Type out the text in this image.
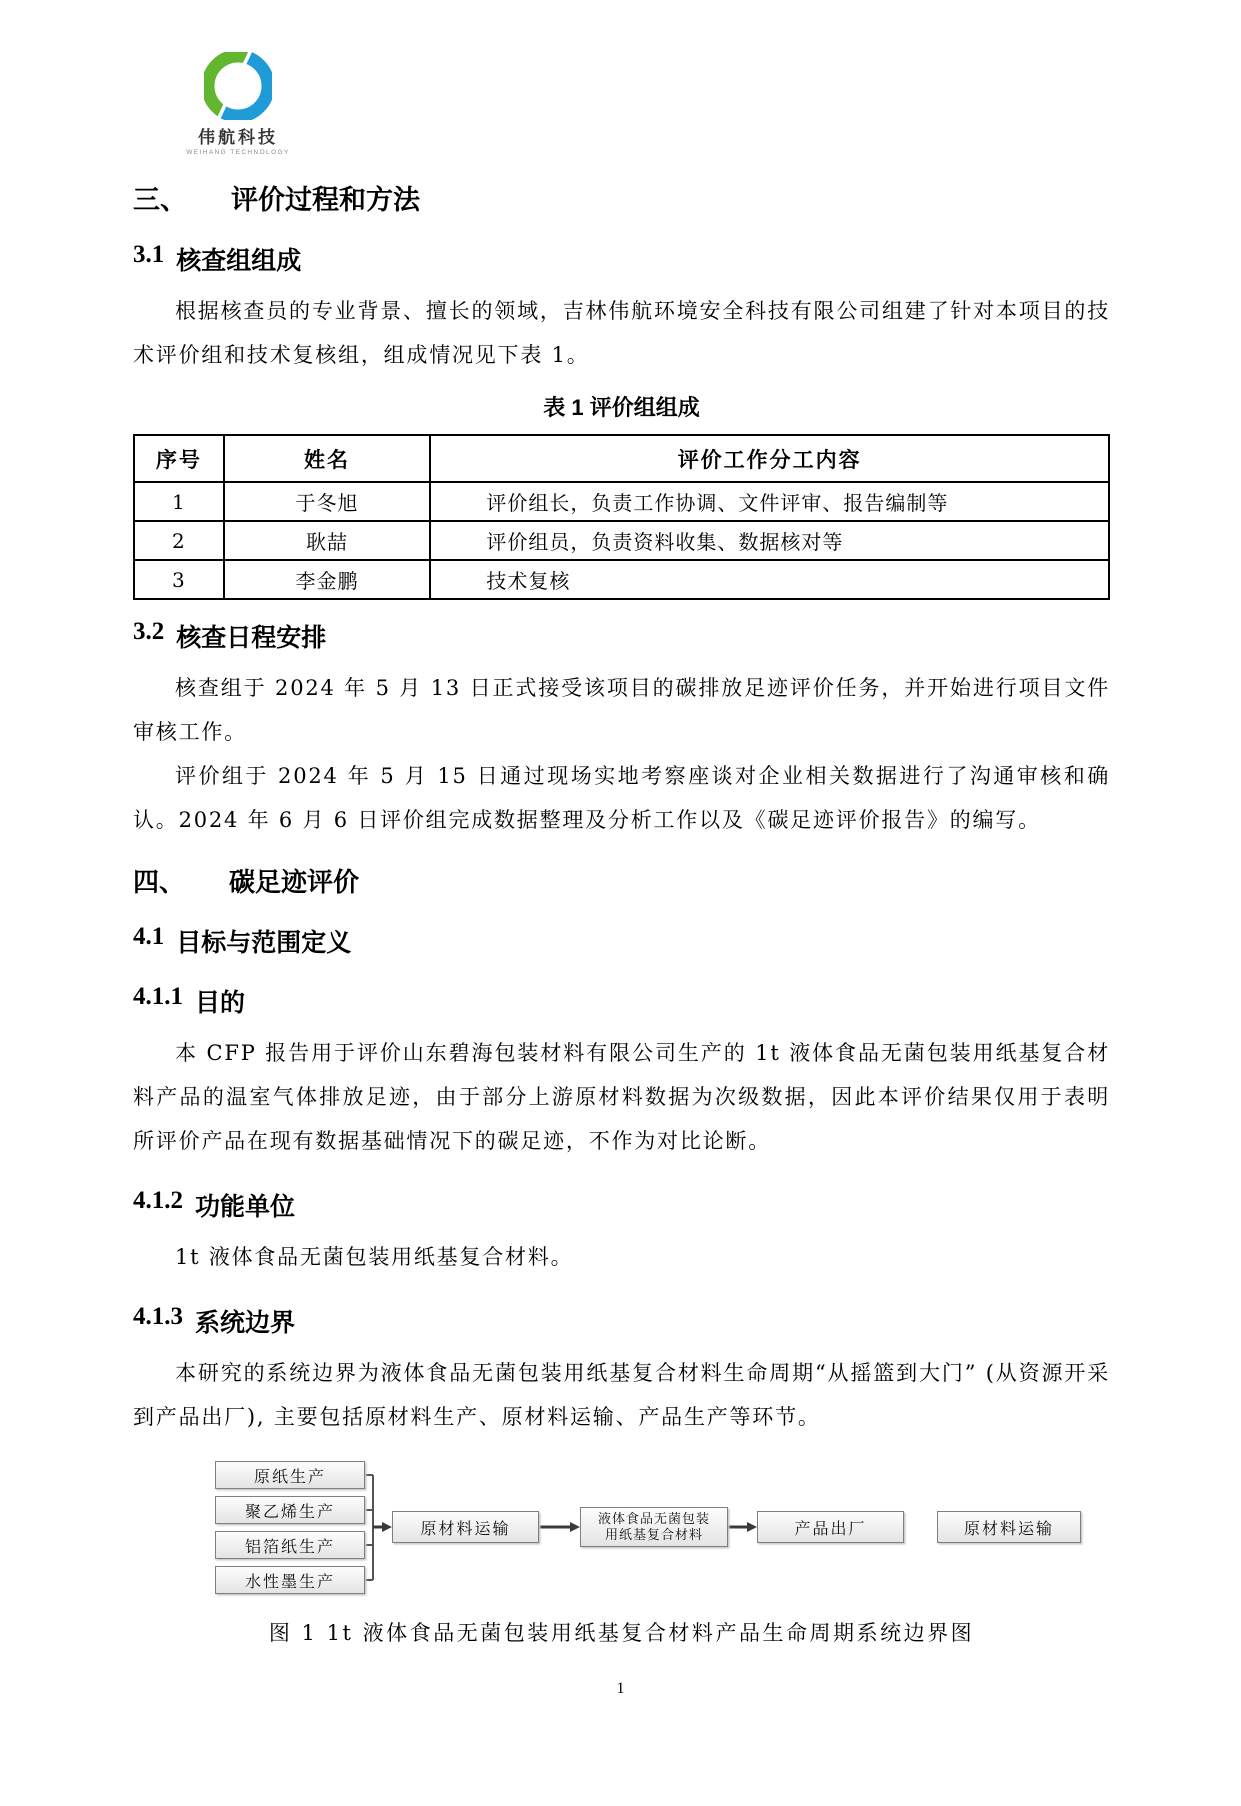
NH
伟航科技
WEIHANG TECHNOLOGY
三、 评价过程和方法
3.1 核查组组成

根据核查员的专业背景、擅长的领域，吉林伟航环境安全科技有限公司组建了针对本项目的技术评价组和技术复核组，组成情况见下表 1。

表 1 评价组组成
序号	姓名	评价工作分工内容
1	于冬旭	评价组长，负责工作协调、文件评审、报告编制等
2	耿喆	评价组员，负责资料收集、数据核对等
3	李金鹏	技术复核
3.2 核查日程安排

核查组于 2024 年 5 月 13 日正式接受该项目的碳排放足迹评价任务，并开始进行项目文件审核工作。

评价组于 2024 年 5 月 15 日通过现场实地考察座谈对企业相关数据进行了沟通审核和确认。2024 年 6 月 6 日评价组完成数据整理及分析工作以及《碳足迹评价报告》的编写。

四、 碳足迹评价
4.1 目标与范围定义
4.1.1 目的

本 CFP 报告用于评价山东碧海包装材料有限公司生产的 1t 液体食品无菌包装用纸基复合材料产品的温室气体排放足迹，由于部分上游原材料数据为次级数据，因此本评价结果仅用于表明所评价产品在现有数据基础情况下的碳足迹，不作为对比论断。

4.1.2 功能单位

1t 液体食品无菌包装用纸基复合材料。

4.1.3 系统边界

本研究的系统边界为液体食品无菌包装用纸基复合材料生命周期“从摇篮到大门” (从资源开采到产品出厂), 主要包括原材料生产、原材料运输、产品生产等环节。

原纸生产
聚乙烯生产
铝箔纸生产
水性墨生产
原材料运输
液体食品无菌包装
用纸基复合材料	产品出厂	原材料运输
图 1 1t 液体食品无菌包装用纸基复合材料产品生命周期系统边界图
1
